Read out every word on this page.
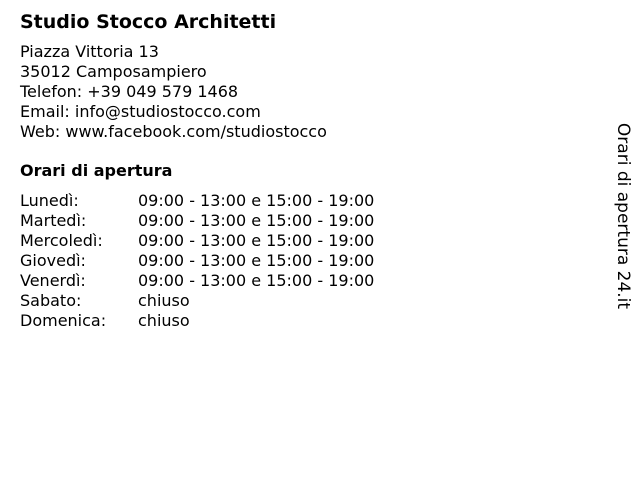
Studio Stocco Architetti
Piazza Vittoria 13
35012 Camposampiero
Telefon: +39 049 579 1468
Email: info@studiostocco.com
Web: www.facebook.com/studiostocco
Orari di apertura
Lunedì:	09:00 - 13:00 e 15:00 - 19:00
Martedì:	09:00 - 13:00 e 15:00 - 19:00
Mercoledì:	09:00 - 13:00 e 15:00 - 19:00
Giovedì:	09:00 - 13:00 e 15:00 - 19:00
Venerdì:	09:00 - 13:00 e 15:00 - 19:00
Sabato:	chiuso
Domenica:	chiuso
Orari di apertura 24.it
